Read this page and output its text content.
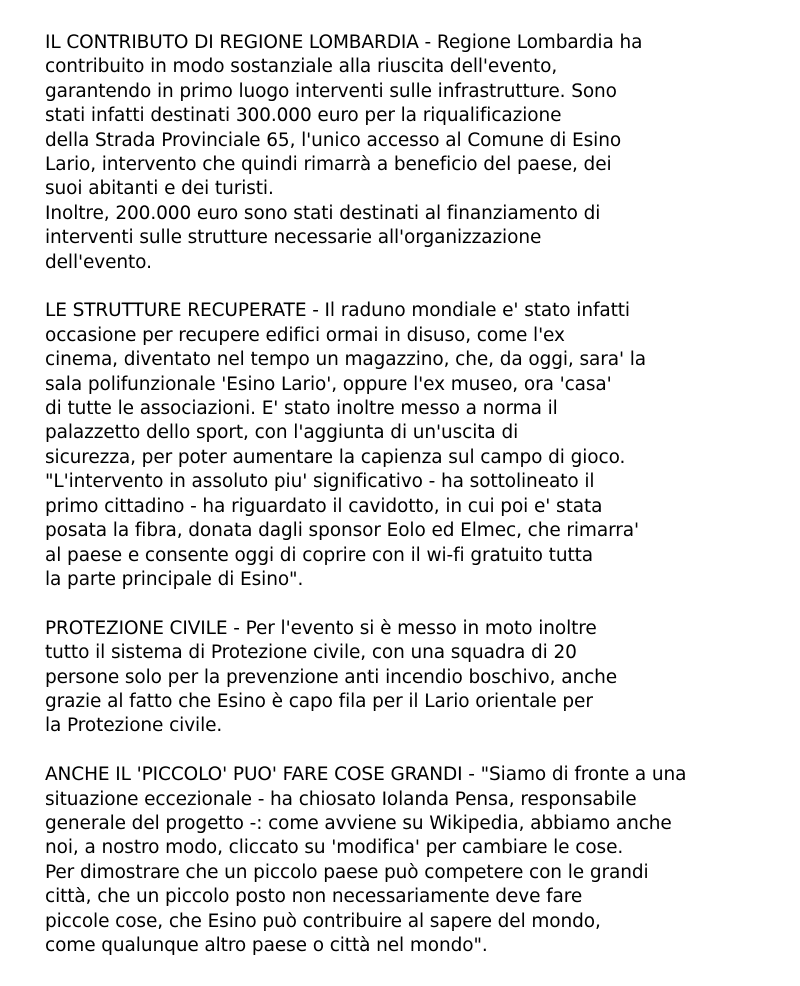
IL CONTRIBUTO DI REGIONE LOMBARDIA - Regione Lombardia ha
contribuito in modo sostanziale alla riuscita dell'evento,
garantendo in primo luogo interventi sulle infrastrutture. Sono
stati infatti destinati 300.000 euro per la riqualificazione
della Strada Provinciale 65, l'unico accesso al Comune di Esino
Lario, intervento che quindi rimarrà a beneficio del paese, dei
suoi abitanti e dei turisti.
Inoltre, 200.000 euro sono stati destinati al finanziamento di
interventi sulle strutture necessarie all'organizzazione
dell'evento.
LE STRUTTURE RECUPERATE - Il raduno mondiale e' stato infatti
occasione per recupere edifici ormai in disuso, come l'ex
cinema, diventato nel tempo un magazzino, che, da oggi, sara' la
sala polifunzionale 'Esino Lario', oppure l'ex museo, ora 'casa'
di tutte le associazioni. E' stato inoltre messo a norma il
palazzetto dello sport, con l'aggiunta di un'uscita di
sicurezza, per poter aumentare la capienza sul campo di gioco.
"L'intervento in assoluto piu' significativo - ha sottolineato il
primo cittadino - ha riguardato il cavidotto, in cui poi e' stata
posata la fibra, donata dagli sponsor Eolo ed Elmec, che rimarra'
al paese e consente oggi di coprire con il wi-fi gratuito tutta
la parte principale di Esino".
PROTEZIONE CIVILE - Per l'evento si è messo in moto inoltre
tutto il sistema di Protezione civile, con una squadra di 20
persone solo per la prevenzione anti incendio boschivo, anche
grazie al fatto che Esino è capo fila per il Lario orientale per
la Protezione civile.
ANCHE IL 'PICCOLO' PUO' FARE COSE GRANDI - "Siamo di fronte a una
situazione eccezionale - ha chiosato Iolanda Pensa, responsabile
generale del progetto -: come avviene su Wikipedia, abbiamo anche
noi, a nostro modo, cliccato su 'modifica' per cambiare le cose.
Per dimostrare che un piccolo paese può competere con le grandi
città, che un piccolo posto non necessariamente deve fare
piccole cose, che Esino può contribuire al sapere del mondo,
come qualunque altro paese o città nel mondo".
